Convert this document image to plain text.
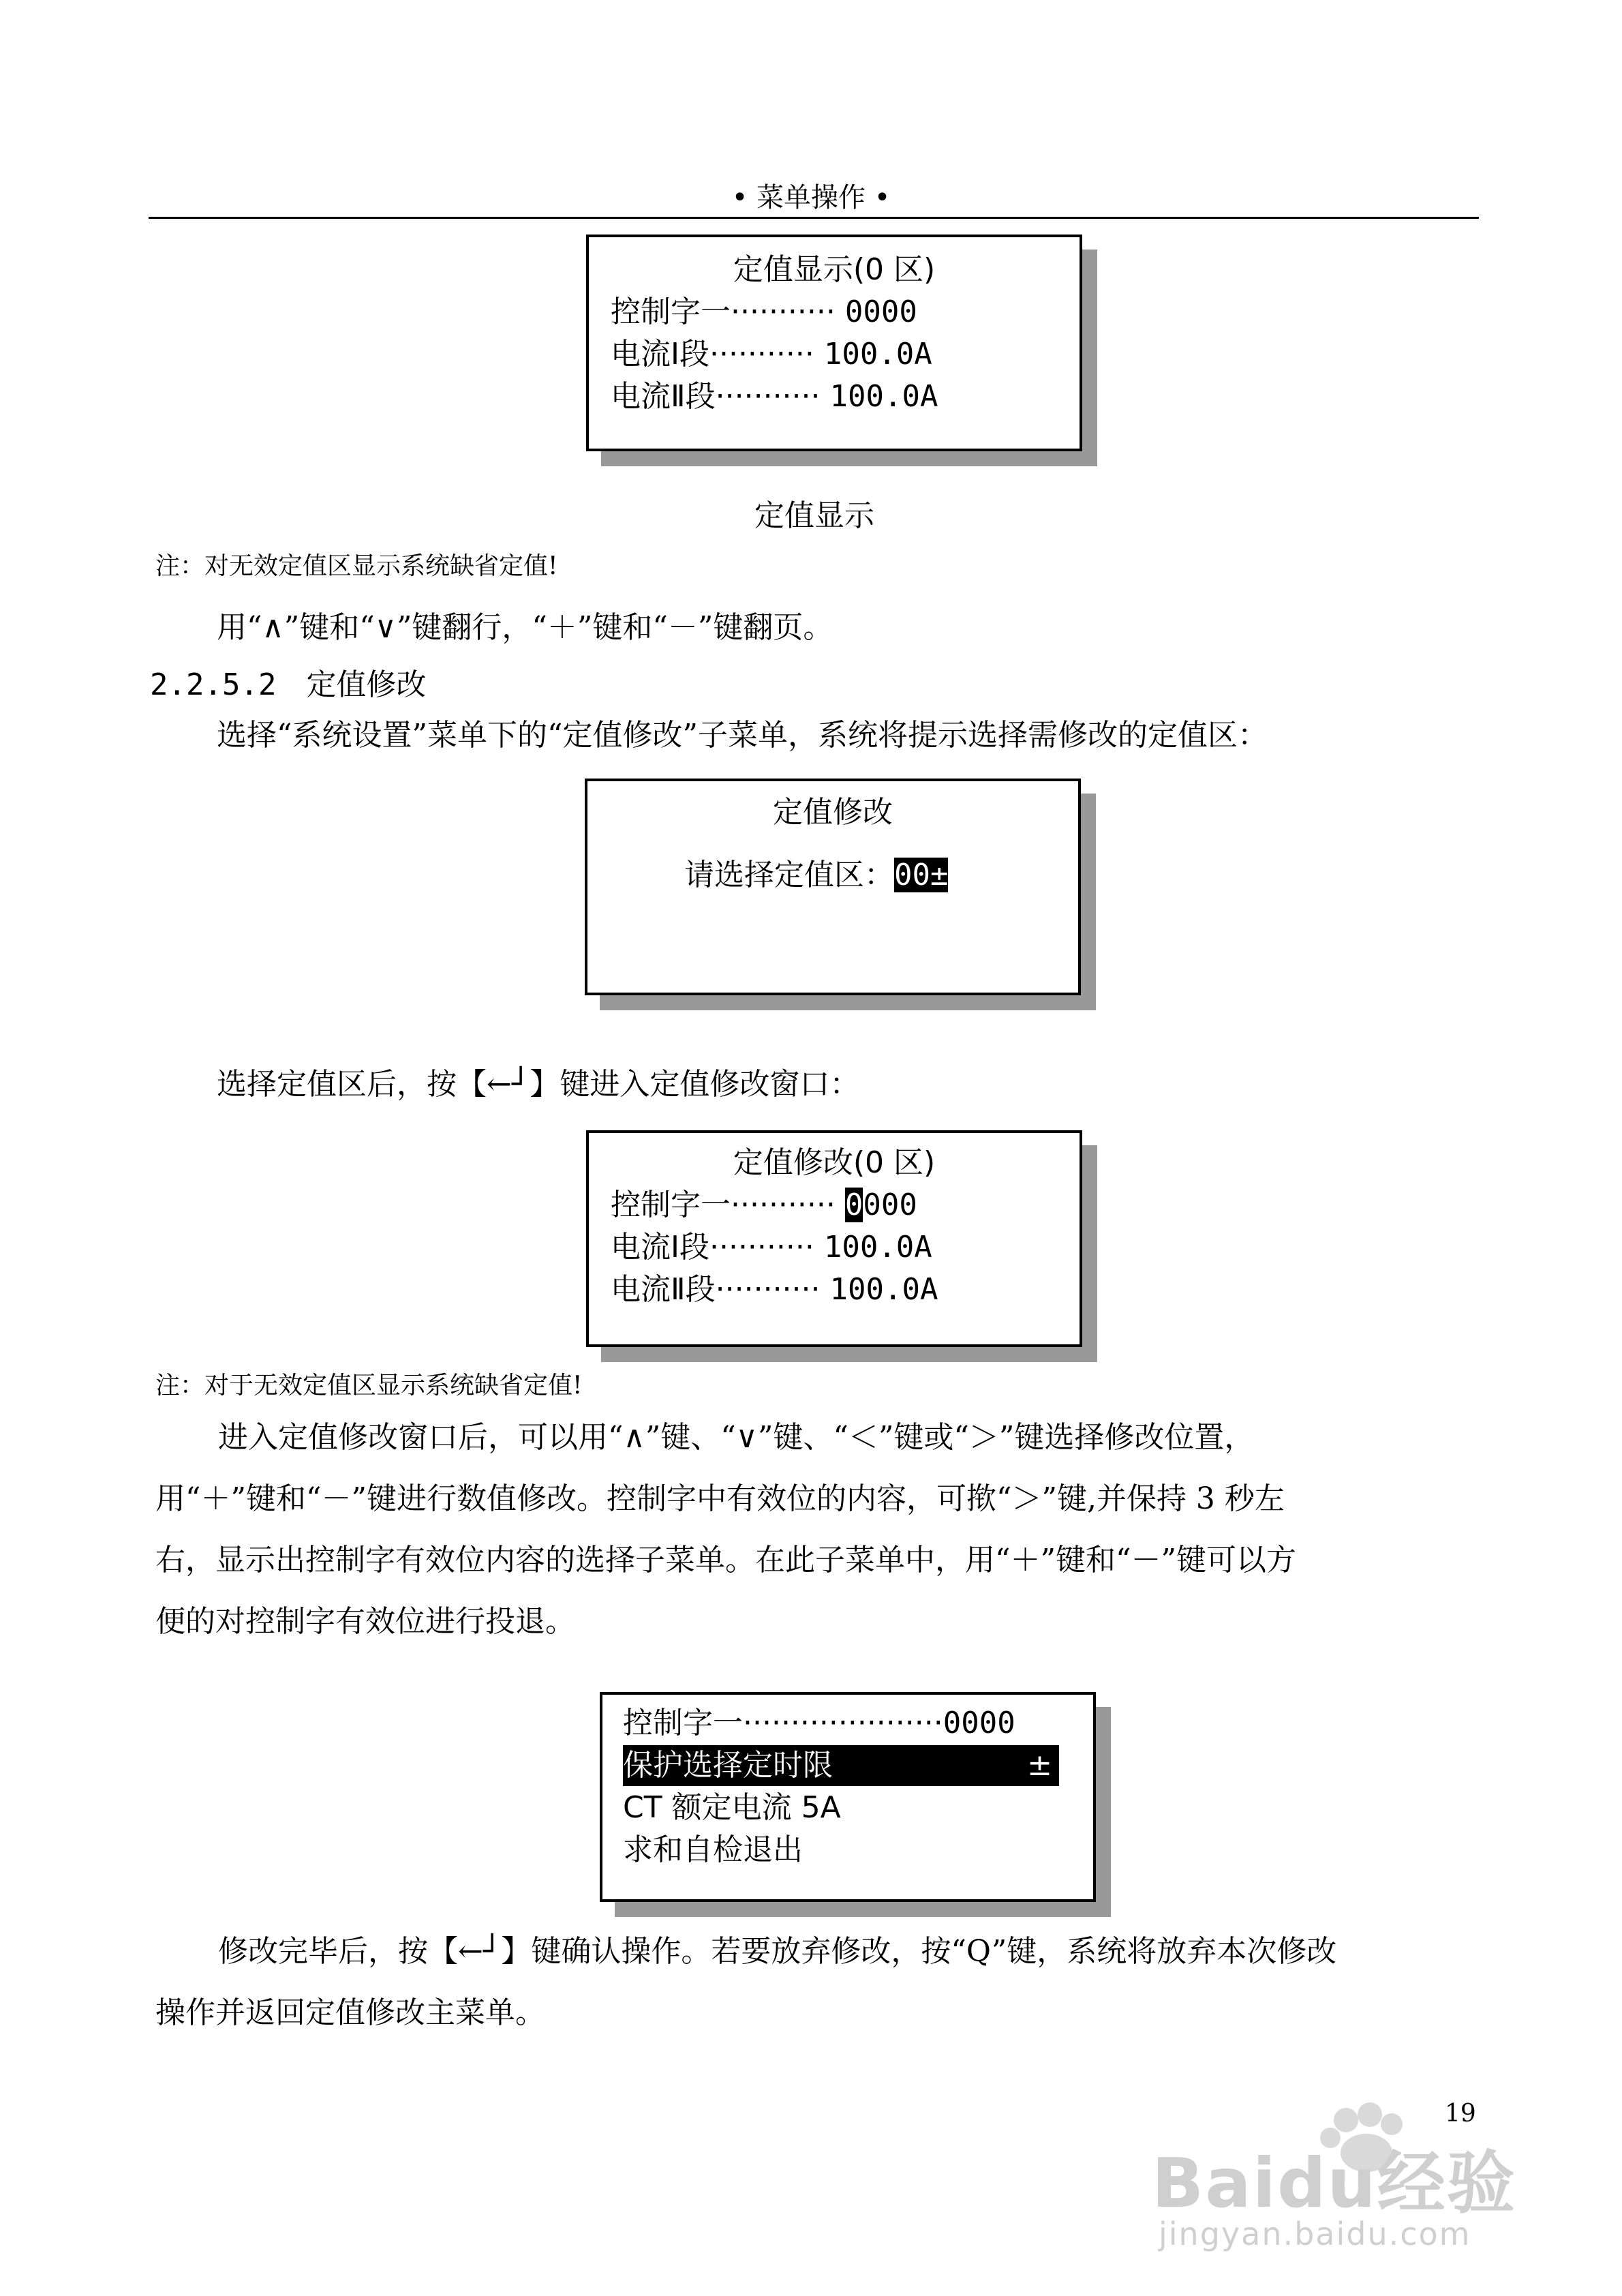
• 菜单操作 •
定值显示(0 区)
控制字一··········· 0000
电流Ⅰ段··········· 100.0A
电流Ⅱ段··········· 100.0A
定值显示
注：对无效定值区显示系统缺省定值!
用“∧”键和“∨”键翻行，“＋”键和“－”键翻页。
2.2.5.2 定值修改
选择“系统设置”菜单下的“定值修改”子菜单，系统将提示选择需修改的定值区：
定值修改
请选择定值区：00±
选择定值区后，按【←┘】键进入定值修改窗口：
定值修改(0 区)
控制字一··········· 0000
电流Ⅰ段··········· 100.0A
电流Ⅱ段··········· 100.0A
注：对于无效定值区显示系统缺省定值!
进入定值修改窗口后，可以用“∧”键、“∨”键、“＜”键或“＞”键选择修改位置，
用“＋”键和“－”键进行数值修改。控制字中有效位的内容，可揿“＞”键,并保持 3 秒左
右，显示出控制字有效位内容的选择子菜单。在此子菜单中，用“＋”键和“－”键可以方
便的对控制字有效位进行投退。
控制字一·····················0000
保护选择定时限	±
CT 额定电流 5A
求和自检退出
修改完毕后，按【←┘】键确认操作。若要放弃修改，按“Q”键，系统将放弃本次修改
操作并返回定值修改主菜单。
19
Baidu经验
jingyan.baidu.com
